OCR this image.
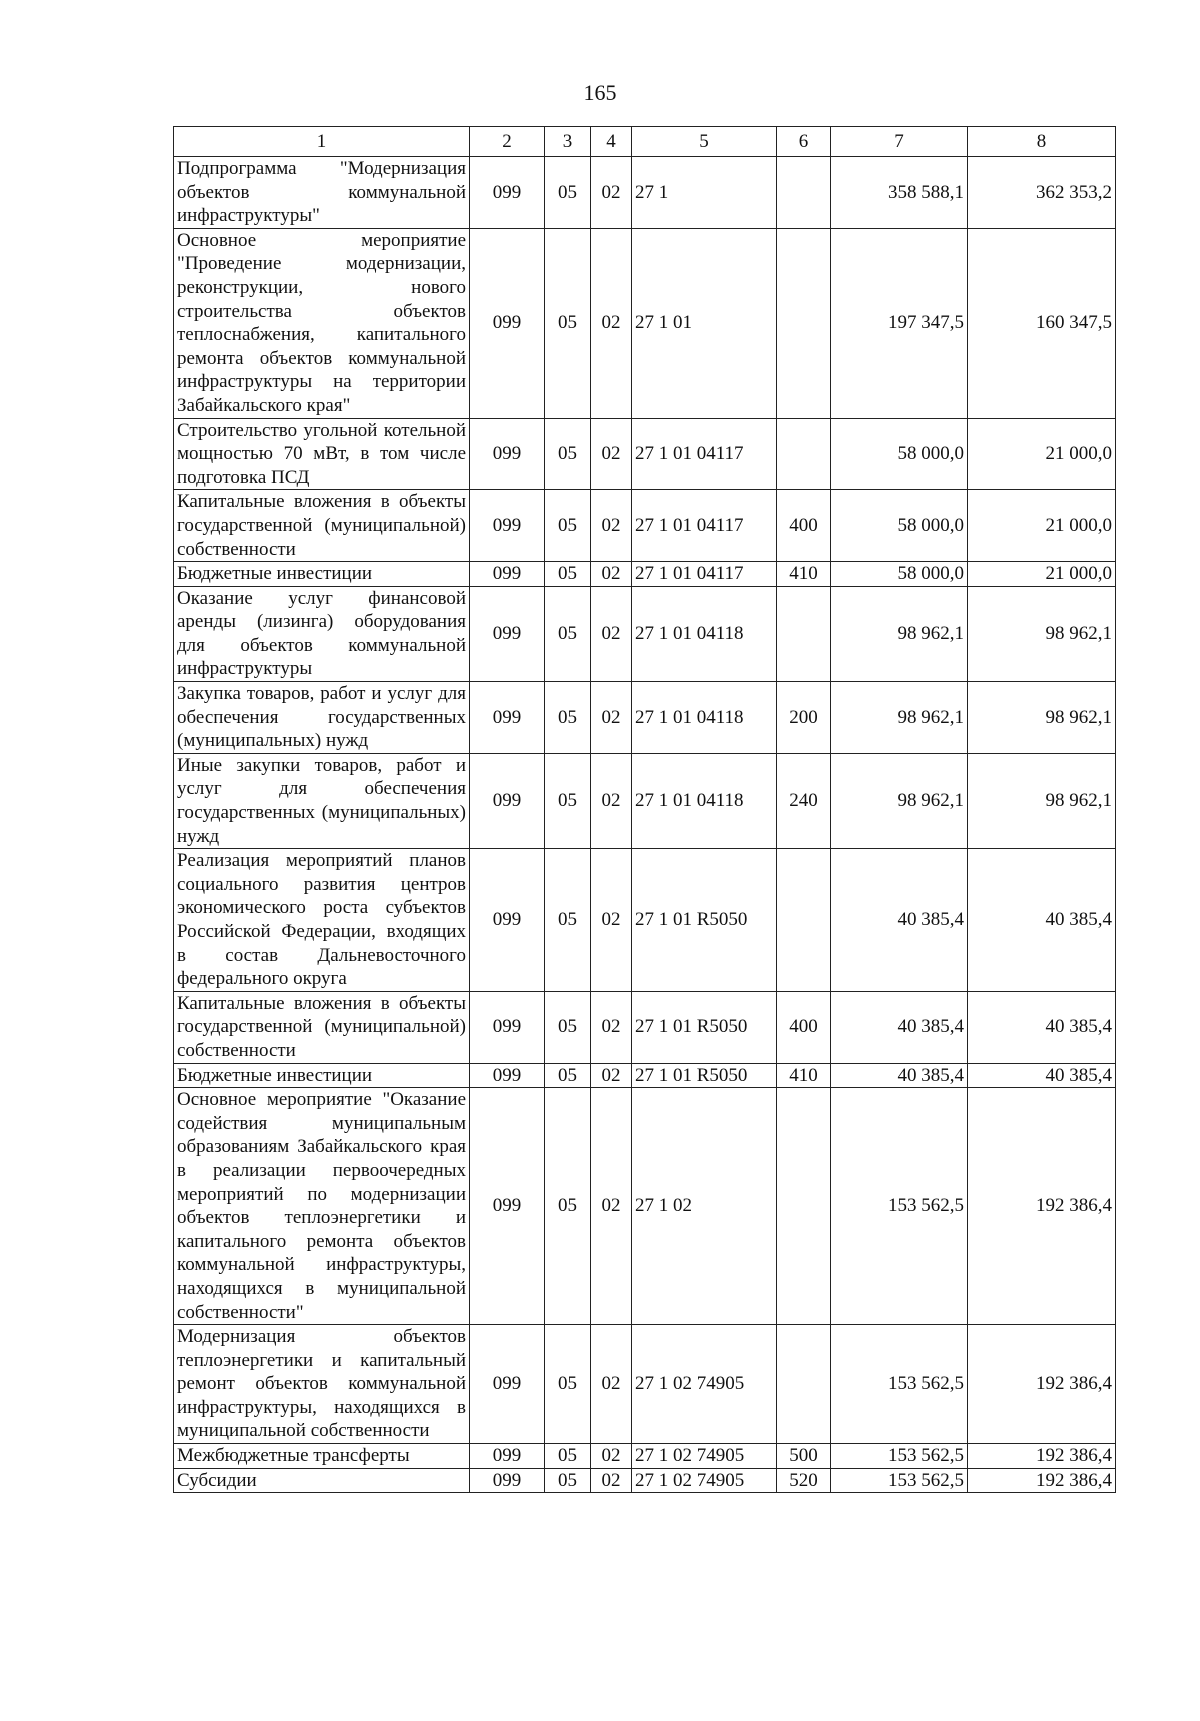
165
1	2	3	4	5	6	7	8
Подпрограмма "Модернизация объектов коммунальной инфраструктуры"	099	05	02	27 1		358 588,1	362 353,2
Основное мероприятие "Проведение модернизации, реконструкции, нового строительства объектов теплоснабжения, капитального ремонта объектов коммунальной инфраструктуры на территории Забайкальского края"	099	05	02	27 1 01		197 347,5	160 347,5
Строительство угольной котельной мощностью 70 мВт, в том числе подготовка ПСД	099	05	02	27 1 01 04117		58 000,0	21 000,0
Капитальные вложения в объекты государственной (муниципальной) собственности	099	05	02	27 1 01 04117	400	58 000,0	21 000,0
Бюджетные инвестиции	099	05	02	27 1 01 04117	410	58 000,0	21 000,0
Оказание услуг финансовой аренды (лизинга) оборудования для объектов коммунальной инфраструктуры	099	05	02	27 1 01 04118		98 962,1	98 962,1
Закупка товаров, работ и услуг для обеспечения государственных (муниципальных) нужд	099	05	02	27 1 01 04118	200	98 962,1	98 962,1
Иные закупки товаров, работ и услуг для обеспечения государственных (муниципальных) нужд	099	05	02	27 1 01 04118	240	98 962,1	98 962,1
Реализация мероприятий планов социального развития центров экономического роста субъектов Российской Федерации, входящих в состав Дальневосточного федерального округа	099	05	02	27 1 01 R5050		40 385,4	40 385,4
Капитальные вложения в объекты государственной (муниципальной) собственности	099	05	02	27 1 01 R5050	400	40 385,4	40 385,4
Бюджетные инвестиции	099	05	02	27 1 01 R5050	410	40 385,4	40 385,4
Основное мероприятие "Оказание содействия муниципальным образованиям Забайкальского края в реализации первоочередных мероприятий по модернизации объектов теплоэнергетики и капитального ремонта объектов коммунальной инфраструктуры, находящихся в муниципальной собственности"	099	05	02	27 1 02		153 562,5	192 386,4
Модернизация объектов теплоэнергетики и капитальный ремонт объектов коммунальной инфраструктуры, находящихся в муниципальной собственности	099	05	02	27 1 02 74905		153 562,5	192 386,4
Межбюджетные трансферты	099	05	02	27 1 02 74905	500	153 562,5	192 386,4
Субсидии	099	05	02	27 1 02 74905	520	153 562,5	192 386,4
